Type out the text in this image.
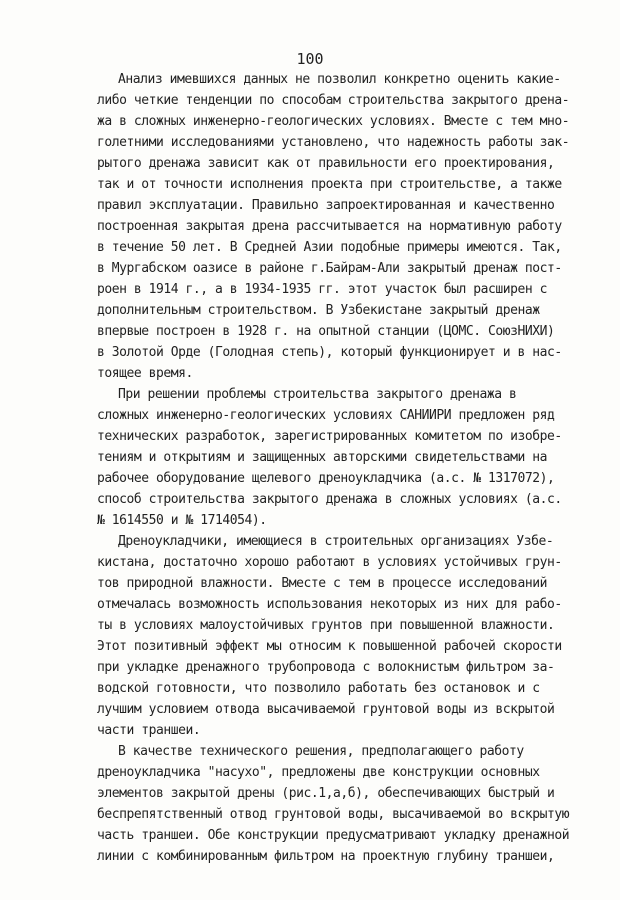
100
Анализ имевшихся данных не позволил конкретно оценить какие-
либо четкие тенденции по способам строительства закрытого дрена-
жа в сложных инженерно-геологических условиях. Вместе с тем мно-
голетними исследованиями установлено, что надежность работы зак-
рытого дренажа зависит как от правильности его проектирования,
так и от точности исполнения проекта при строительстве, а также
правил эксплуатации. Правильно запроектированная и качественно
построенная закрытая дрена рассчитывается на нормативную работу
в течение 50 лет. В Средней Азии подобные примеры имеются. Так,
в Мургабском оазисе в районе г.Байрам-Али закрытый дренаж пост-
роен в 1914 г., а в 1934-1935 гг. этот участок был расширен с
дополнительным строительством. В Узбекистане закрытый дренаж
впервые построен в 1928 г. на опытной станции (ЦОМС. СоюзНИХИ)
в Золотой Орде (Голодная степь), который функционирует и в нас-
тоящее время.
При решении проблемы строительства закрытого дренажа в
сложных инженерно-геологических условиях САНИИРИ предложен ряд
технических разработок, зарегистрированных комитетом по изобре-
тениям и открытиям и защищенных авторскими свидетельствами на
рабочее оборудование щелевого дреноукладчика (а.с. № 1317072),
способ строительства закрытого дренажа в сложных условиях (а.с.
№ 1614550 и № 1714054).
Дреноукладчики, имеющиеся в строительных организациях Узбе-
кистана, достаточно хорошо работают в условиях устойчивых грун-
тов природной влажности. Вместе с тем в процессе исследований
отмечалась возможность использования некоторых из них для рабо-
ты в условиях малоустойчивых грунтов при повышенной влажности.
Этот позитивный эффект мы относим к повышенной рабочей скорости
при укладке дренажного трубопровода с волокнистым фильтром за-
водской готовности, что позволило работать без остановок и с
лучшим условием отвода высачиваемой грунтовой воды из вскрытой
части траншеи.
В качестве технического решения, предполагающего работу
дреноукладчика "насухо", предложены две конструкции основных
элементов закрытой дрены (рис.1,а,б), обеспечивающих быстрый и
беспрепятственный отвод грунтовой воды, высачиваемой во вскрытую
часть траншеи. Обе конструкции предусматривают укладку дренажной
линии с комбинированным фильтром на проектную глубину траншеи,
